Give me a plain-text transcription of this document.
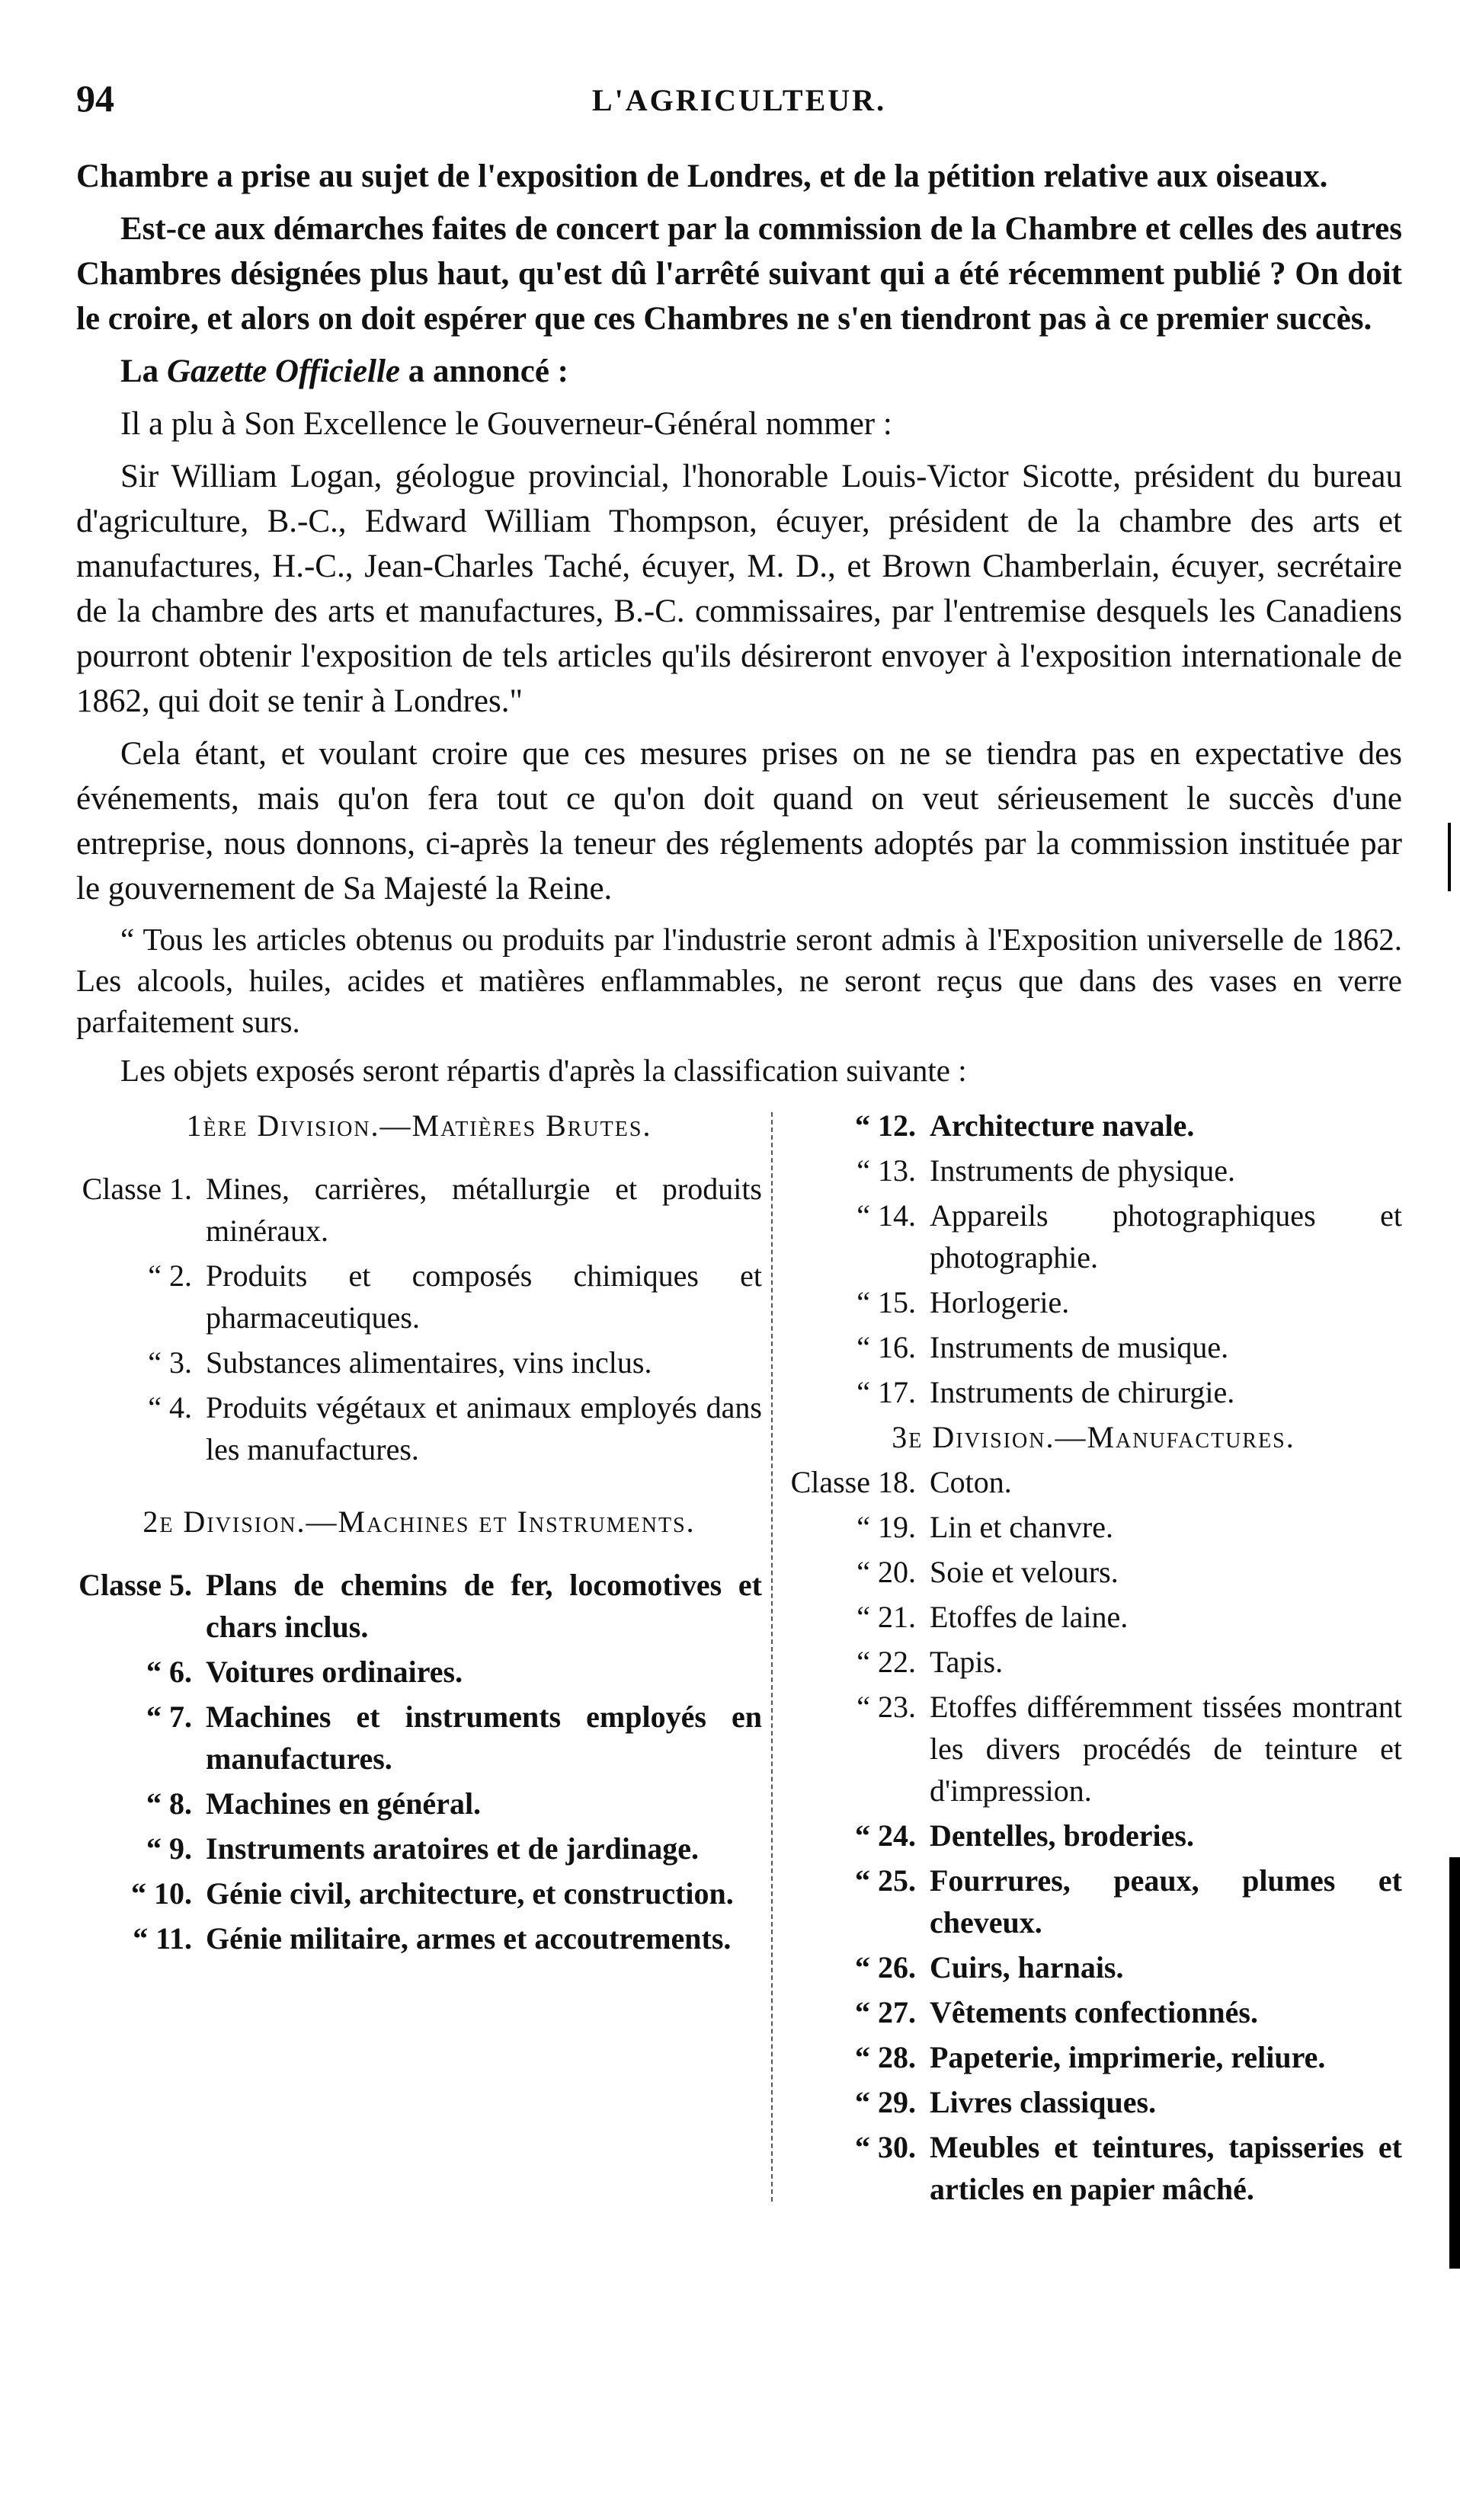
94	L'AGRICULTEUR.

Chambre a prise au sujet de l'exposition de Londres, et de la pétition relative aux oiseaux.

Est-ce aux démarches faites de concert par la commission de la Chambre et celles des autres Chambres désignées plus haut, qu'est dû l'arrêté suivant qui a été récemment publié ? On doit le croire, et alors on doit espérer que ces Chambres ne s'en tiendront pas à ce premier succès.

La Gazette Officielle a annoncé :

Il a plu à Son Excellence le Gouverneur-Général nommer :

Sir William Logan, géologue provincial, l'honorable Louis-Victor Sicotte, président du bureau d'agriculture, B.-C., Edward William Thompson, écuyer, président de la chambre des arts et manufactures, H.-C., Jean-Charles Taché, écuyer, M. D., et Brown Chamberlain, écuyer, secrétaire de la chambre des arts et manufactures, B.-C. commissaires, par l'entremise desquels les Canadiens pourront obtenir l'exposition de tels articles qu'ils désireront envoyer à l'exposition internationale de 1862, qui doit se tenir à Londres."

Cela étant, et voulant croire que ces mesures prises on ne se tiendra pas en expectative des événements, mais qu'on fera tout ce qu'on doit quand on veut sérieusement le succès d'une entreprise, nous donnons, ci-après la teneur des réglements adoptés par la commission instituée par le gouvernement de Sa Majesté la Reine.

“ Tous les articles obtenus ou produits par l'industrie seront admis à l'Exposition universelle de 1862. Les alcools, huiles, acides et matières enflammables, ne seront reçus que dans des vases en verre parfaitement surs.

Les objets exposés seront répartis d'après la classification suivante :

1ère Division.—Matières Brutes.
Classe 1. Mines, carrières, métallurgie et produits minéraux.
“ 2. Produits et composés chimiques et pharmaceutiques.
“ 3. Substances alimentaires, vins inclus.
“ 4. Produits végétaux et animaux employés dans les manufactures.
2e Division.—Machines et Instruments.
Classe 5. Plans de chemins de fer, locomotives et chars inclus.
“ 6. Voitures ordinaires.
“ 7. Machines et instruments employés en manufactures.
“ 8. Machines en général.
“ 9. Instruments aratoires et de jardinage.
“ 10. Génie civil, architecture, et construction.
“ 11. Génie militaire, armes et accoutrements.
“ 12. Architecture navale.
“ 13. Instruments de physique.
“ 14. Appareils photographiques et photographie.
“ 15. Horlogerie.
“ 16. Instruments de musique.
“ 17. Instruments de chirurgie.
3e Division.—Manufactures.
Classe 18. Coton.
“ 19. Lin et chanvre.
“ 20. Soie et velours.
“ 21. Etoffes de laine.
“ 22. Tapis.
“ 23. Etoffes différemment tissées montrant les divers procédés de teinture et d'impression.
“ 24. Dentelles, broderies.
“ 25. Fourrures, peaux, plumes et cheveux.
“ 26. Cuirs, harnais.
“ 27. Vêtements confectionnés.
“ 28. Papeterie, imprimerie, reliure.
“ 29. Livres classiques.
“ 30. Meubles et teintures, tapisseries et articles en papier mâché.
